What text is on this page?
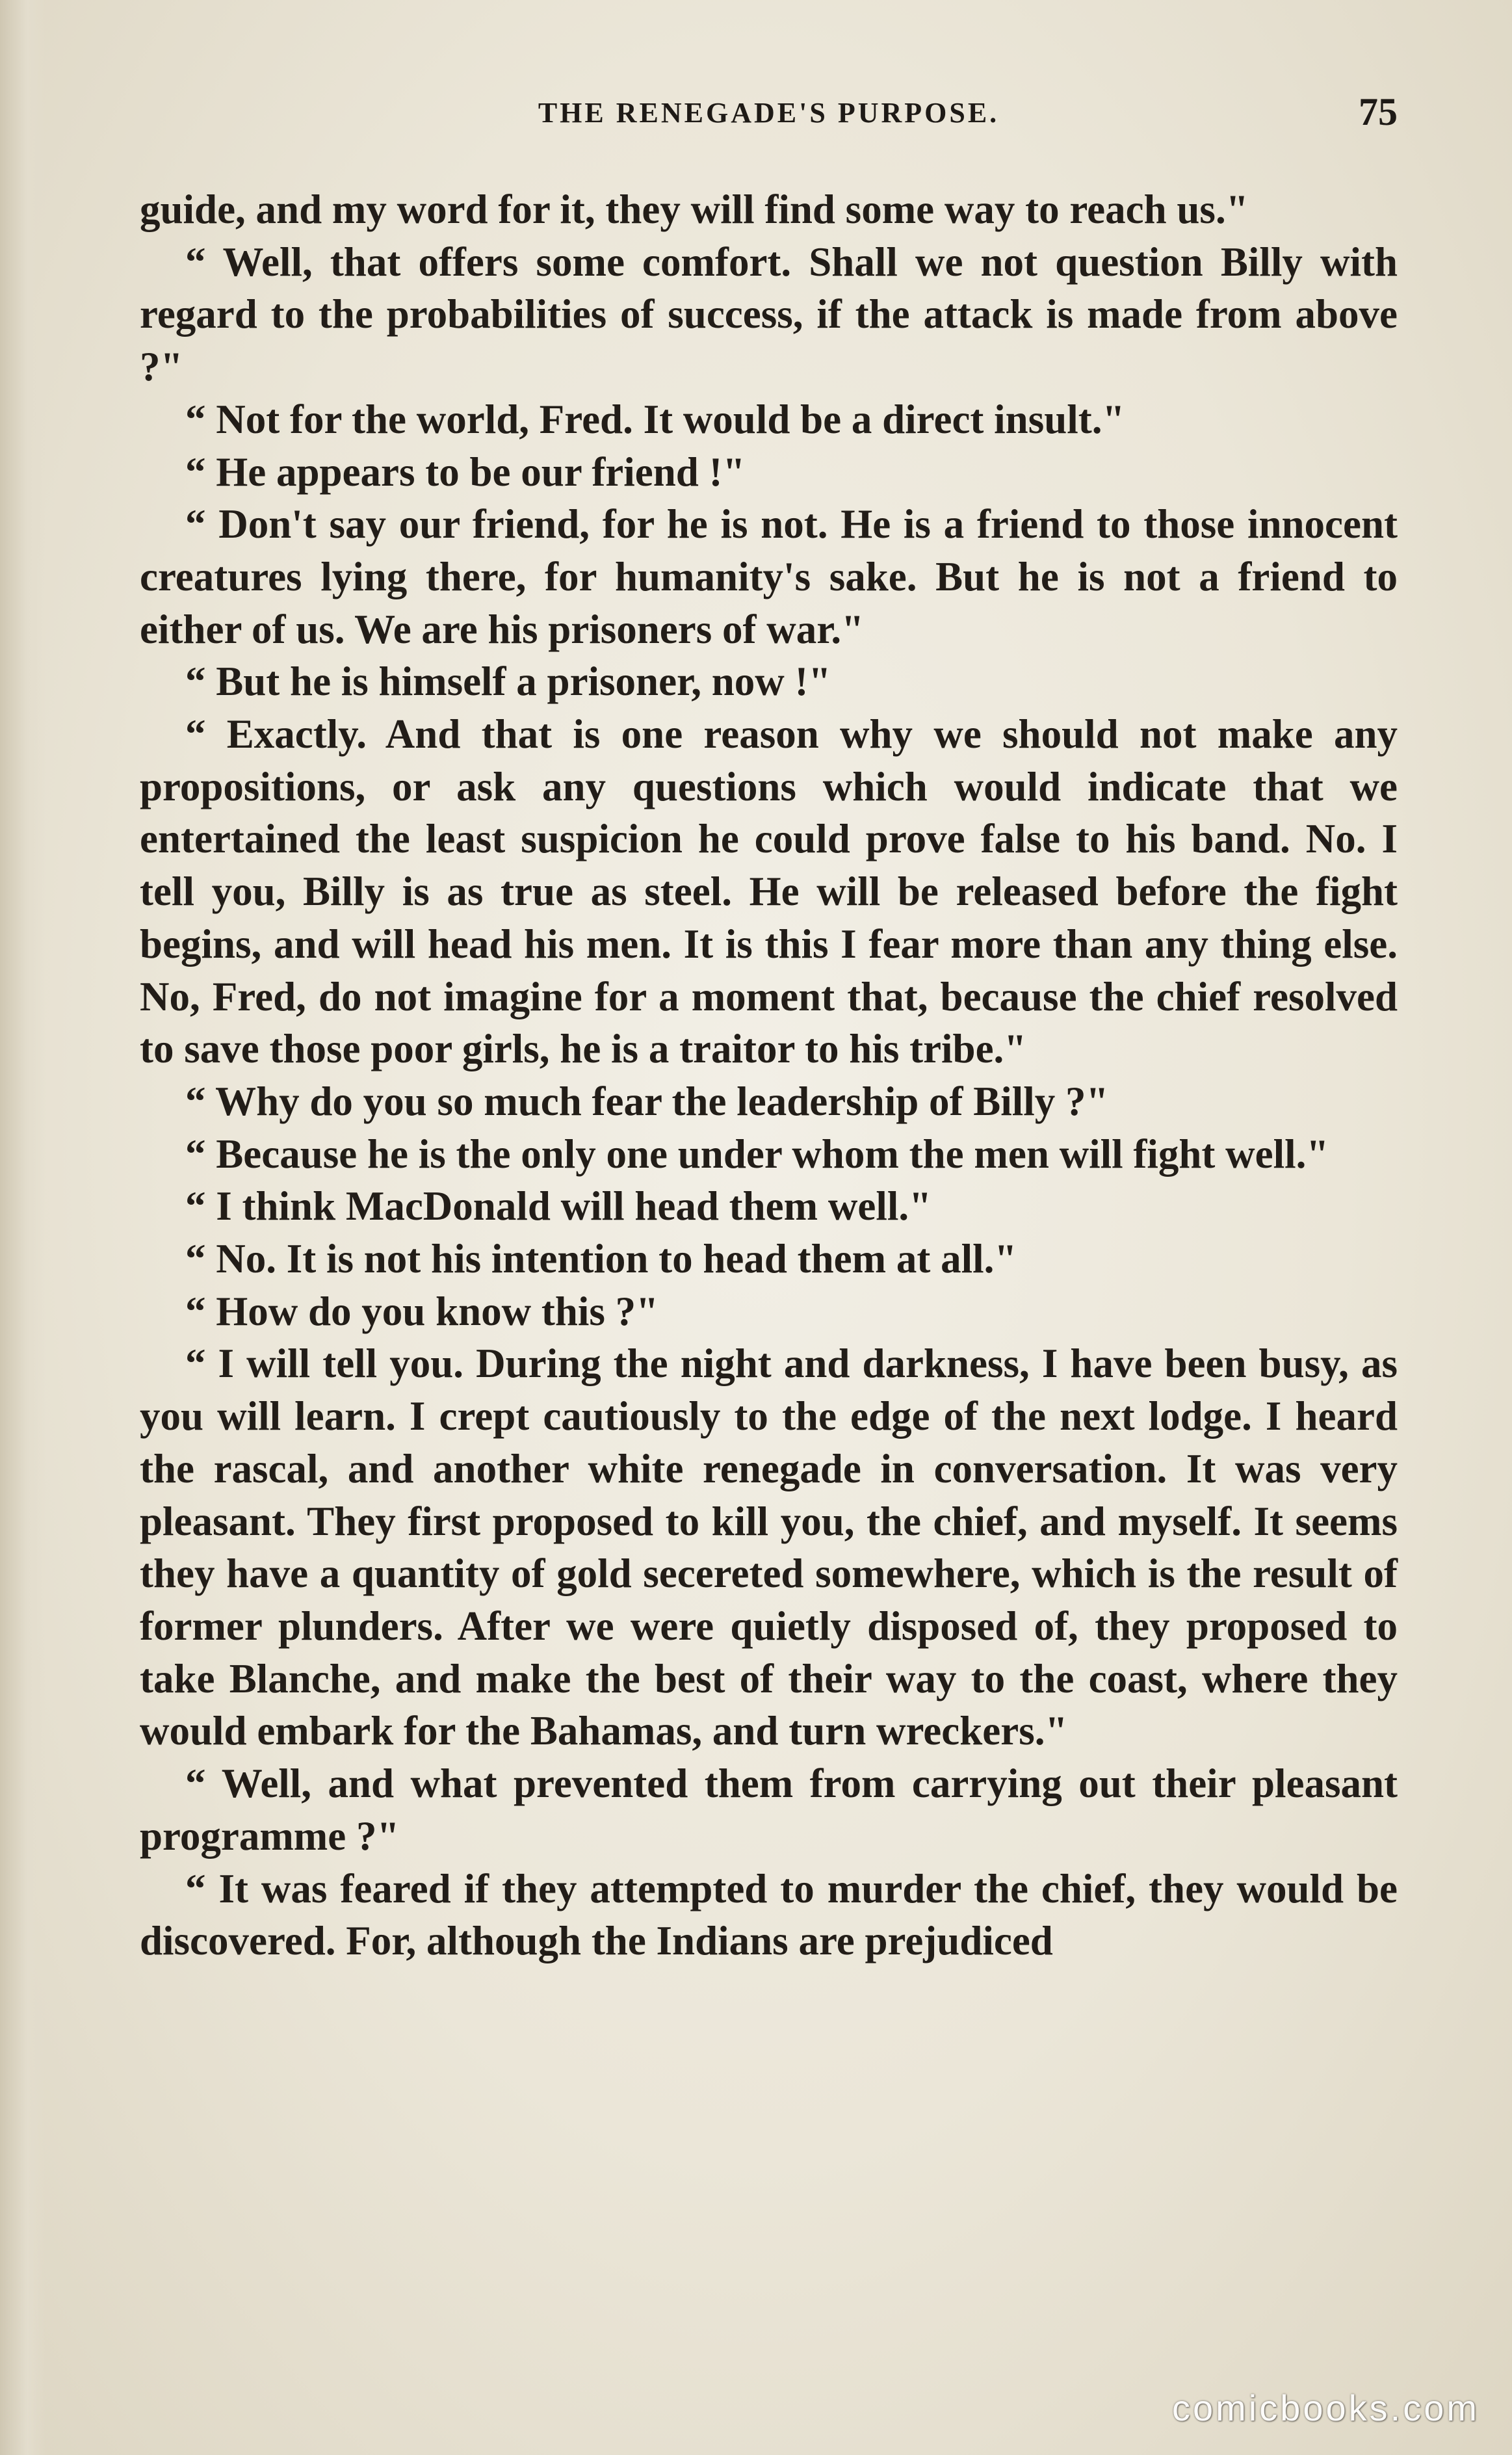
THE RENEGADE'S PURPOSE.	75

guide, and my word for it, they will find some way to reach us."

“ Well, that offers some comfort. Shall we not question Billy with regard to the probabilities of success, if the attack is made from above ?"

“ Not for the world, Fred. It would be a direct insult."

“ He appears to be our friend !"

“ Don't say our friend, for he is not. He is a friend to those innocent creatures lying there, for humanity's sake. But he is not a friend to either of us. We are his prisoners of war."

“ But he is himself a prisoner, now !"

“ Exactly. And that is one reason why we should not make any propositions, or ask any questions which would indicate that we entertained the least suspicion he could prove false to his band. No. I tell you, Billy is as true as steel. He will be released before the fight begins, and will head his men. It is this I fear more than any thing else. No, Fred, do not imagine for a moment that, because the chief resolved to save those poor girls, he is a traitor to his tribe."

“ Why do you so much fear the leadership of Billy ?"

“ Because he is the only one under whom the men will fight well."

“ I think MacDonald will head them well."

“ No. It is not his intention to head them at all."

“ How do you know this ?"

“ I will tell you. During the night and darkness, I have been busy, as you will learn. I crept cautiously to the edge of the next lodge. I heard the rascal, and another white renegade in conversation. It was very pleasant. They first proposed to kill you, the chief, and myself. It seems they have a quantity of gold secereted somewhere, which is the result of former plunders. After we were quietly disposed of, they proposed to take Blanche, and make the best of their way to the coast, where they would embark for the Bahamas, and turn wreckers."

“ Well, and what prevented them from carrying out their pleasant programme ?"

“ It was feared if they attempted to murder the chief, they would be discovered. For, although the Indians are prejudiced

comicbooks.com
